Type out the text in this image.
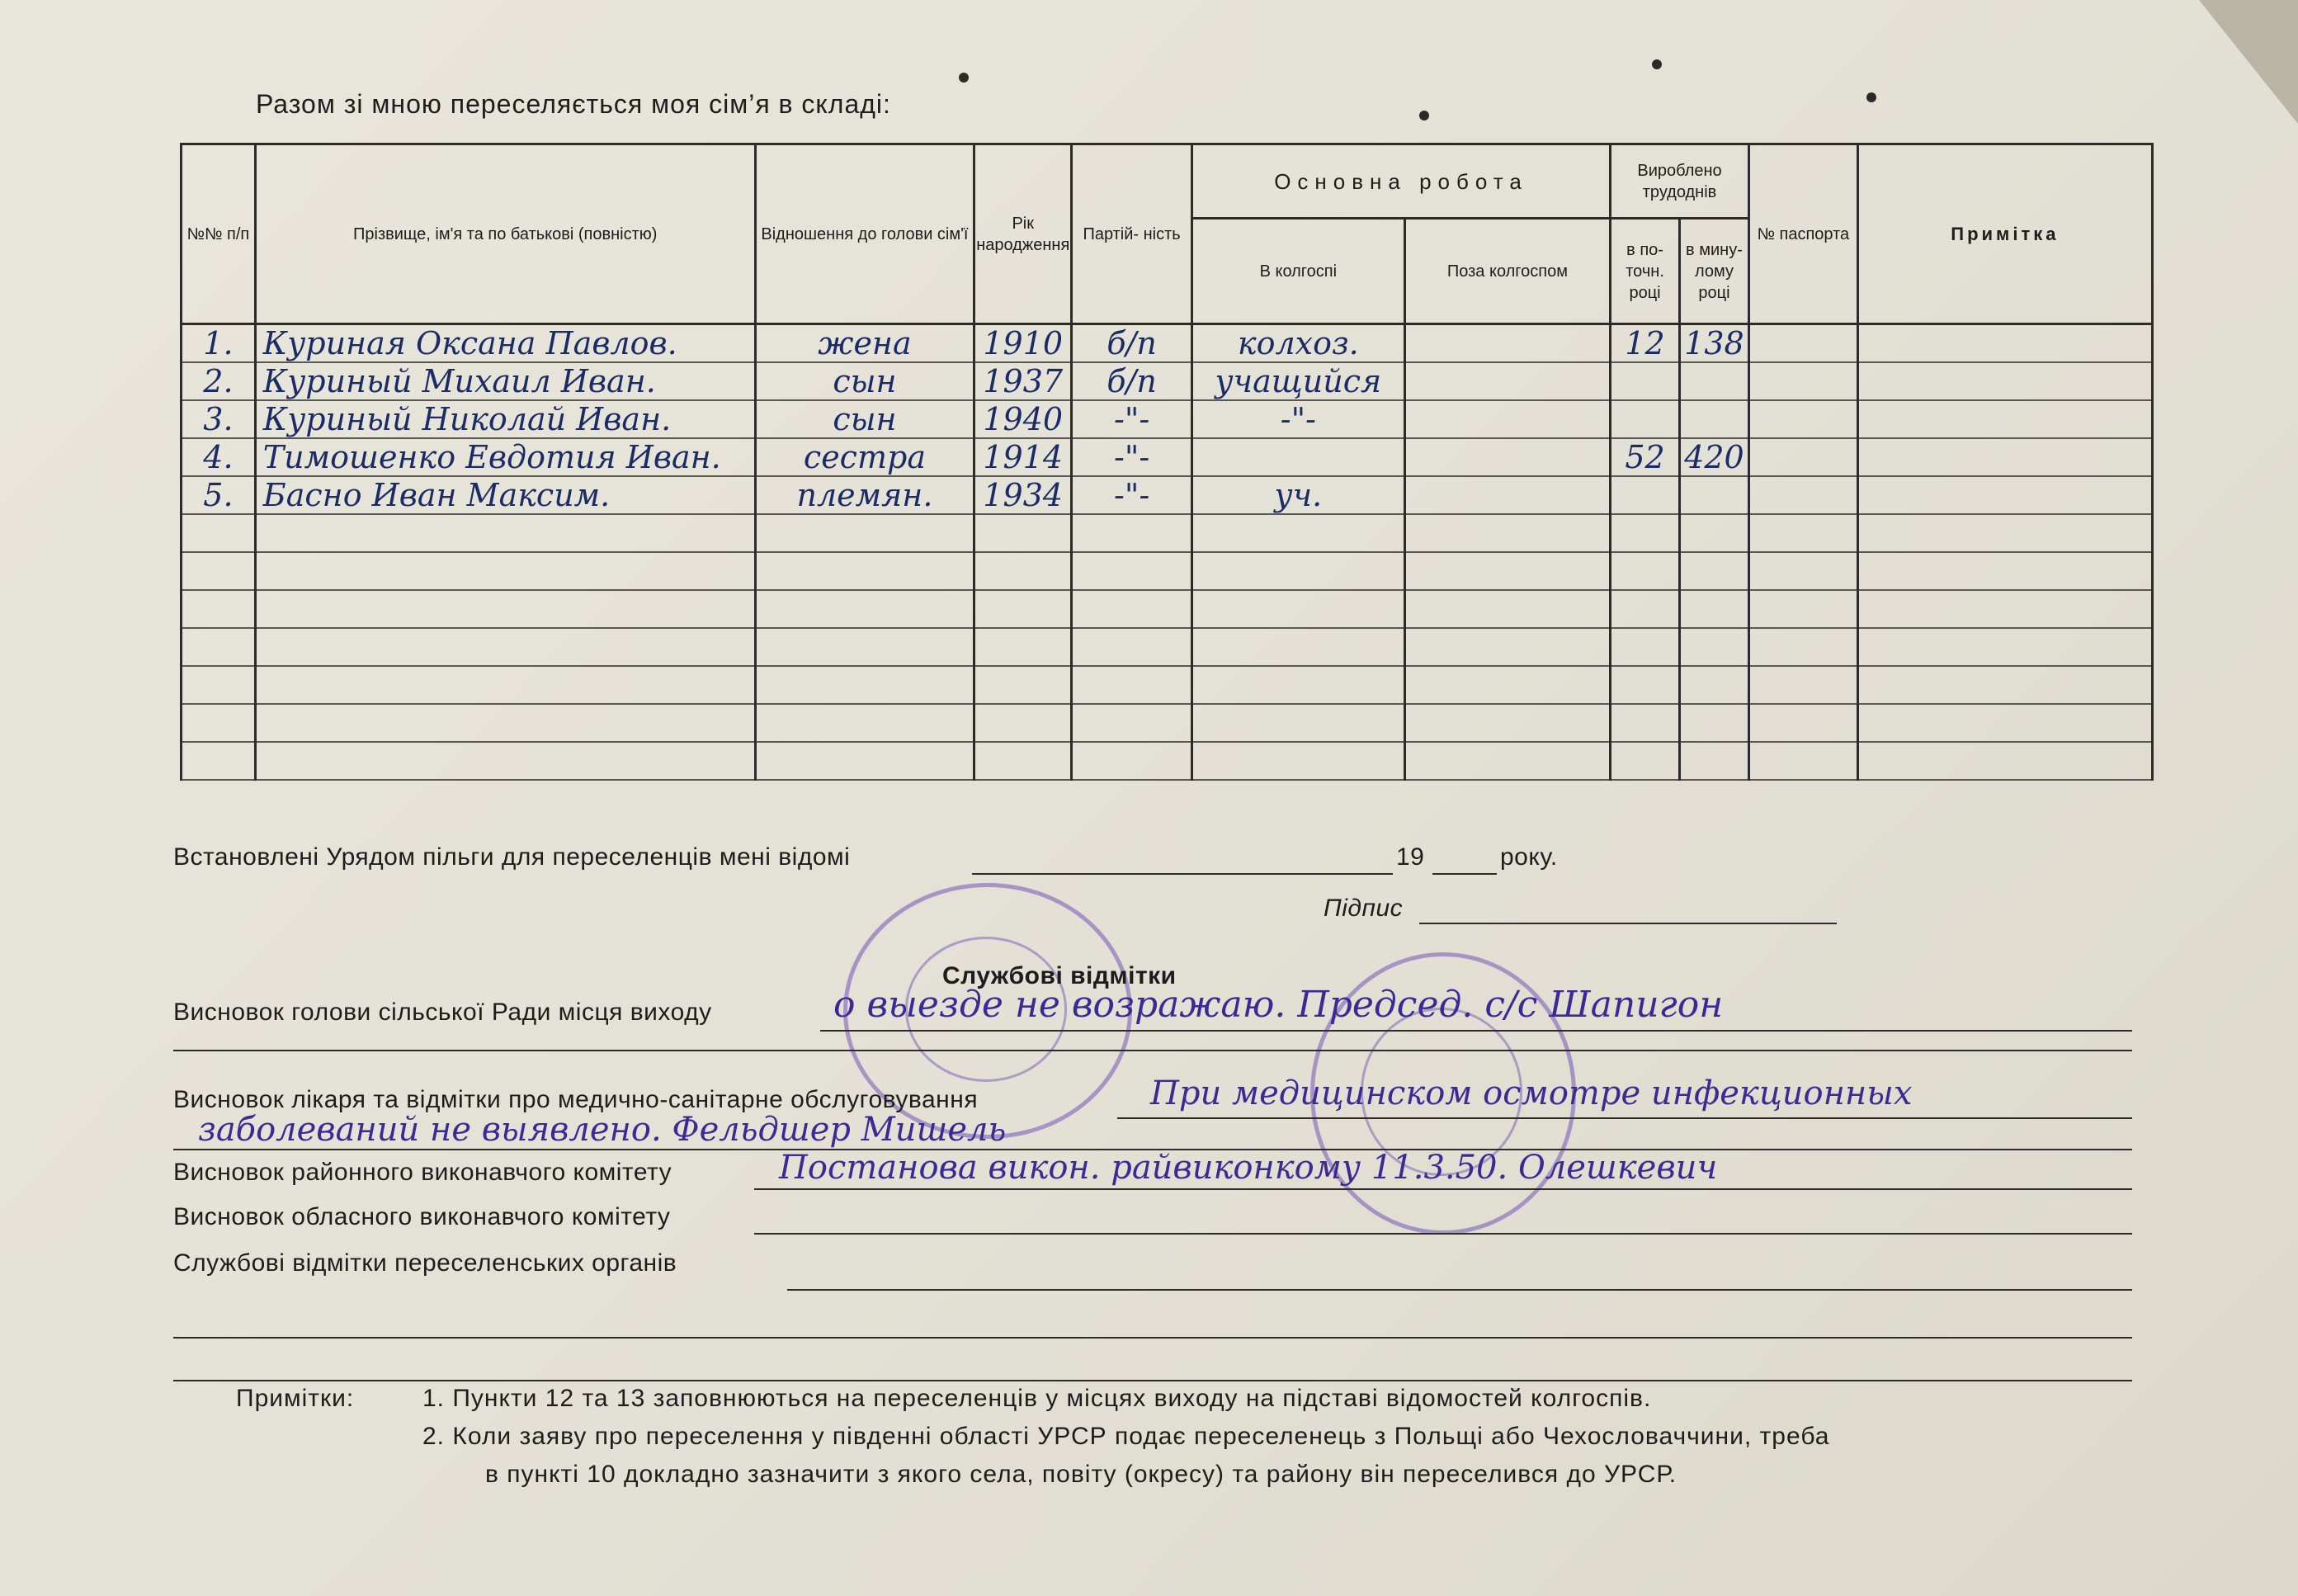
Разом зі мною переселяється моя сім’я в складі:
№№ п/п	Прізвище, ім'я та по батькові (повністю)	Відношення до голови сім'ї	Рік народження	Партій- ність	Основна робота		Вироблено трудоднів		№ паспорта	Примітка
					В колгоспі	Поза колгоспом	в по- точн. році	в мину- лому році		
1.	Куриная Оксана Павлов.	жена	1910	б/п	колхоз.		12	138		
2.	Куриный Михаил Иван.	сын	1937	б/п	учащийся					
3.	Куриный Николай Иван.	сын	1940	-"-	-"-					
4.	Тимошенко Евдотия Иван.	сестра	1914	-"-			52	420		
5.	Басно Иван Максим.	племян.	1934	-"-	уч.					

Встановлені Урядом пільги для переселенців мені відомі	19	року.
Підпис
Службові відмітки
Висновок голови сільської Ради місця виходу	о выезде не возражаю. Председ. с/с Шапигон
Висновок лікаря та відмітки про медично-санітарне обслуговування	При медицинском осмотре инфекционных
заболеваний не выявлено. Фельдшер Мишель
Висновок районного виконавчого комітету	Постанова викон. райвиконкому 11.3.50. Олешкевич
Висновок обласного виконавчого комітету
Службові відмітки переселенських органів
Примітки:	1. Пункти 12 та 13 заповнюються на переселенців у місцях виходу на підставі відомостей колгоспів.
2. Коли заяву про переселення у південні області УРСР подає переселенець з Польщі або Чехословаччини, треба
в пункті 10 докладно зазначити з якого села, повіту (окресу) та району він переселився до УРСР.
